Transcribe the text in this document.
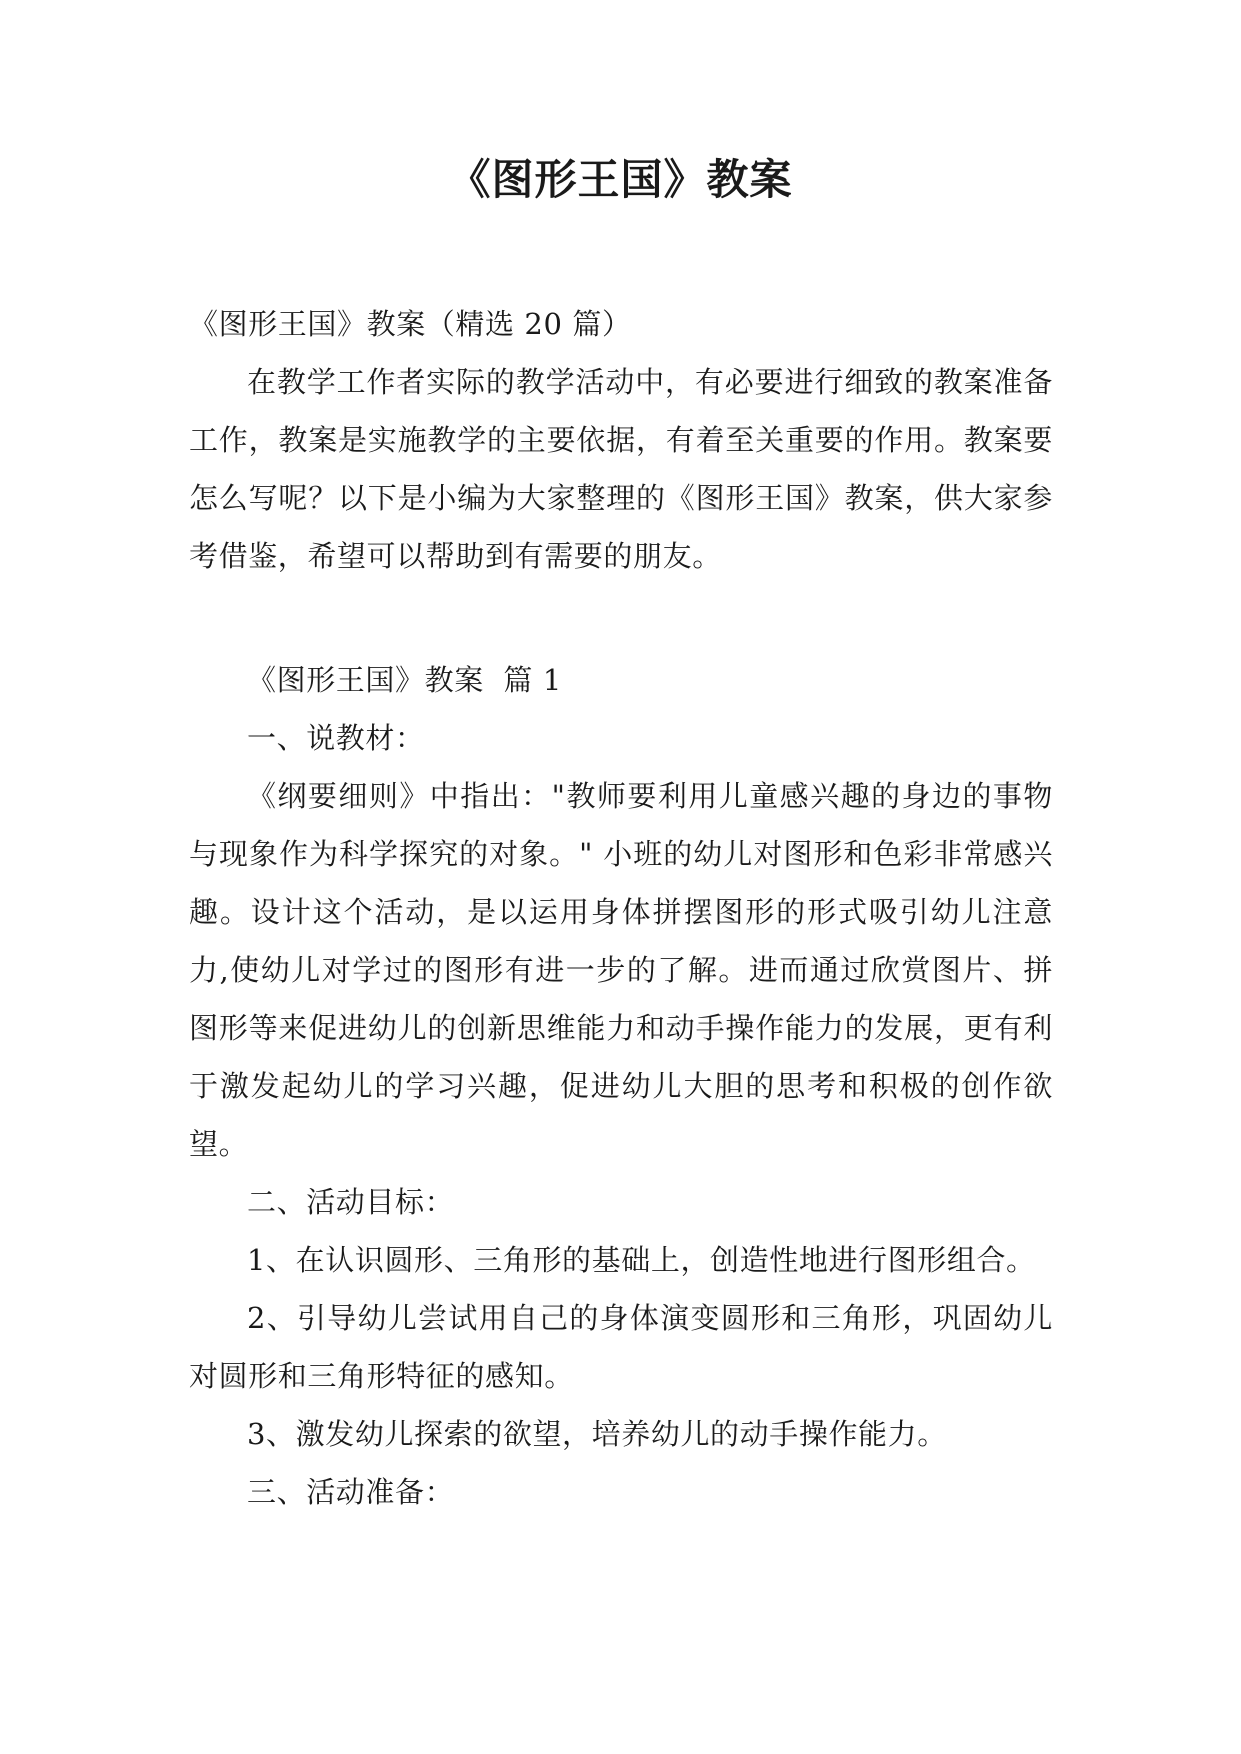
《图形王国》教案

《图形王国》教案（精选 20 篇）

在教学工作者实际的教学活动中，有必要进行细致的教案准备工作，教案是实施教学的主要依据，有着至关重要的作用。教案要怎么写呢？以下是小编为大家整理的《图形王国》教案，供大家参考借鉴，希望可以帮助到有需要的朋友。

《图形王国》教案  篇 1

一、说教材：

《纲要细则》中指出："教师要利用儿童感兴趣的身边的事物与现象作为科学探究的对象。" 小班的幼儿对图形和色彩非常感兴趣。设计这个活动，是以运用身体拼摆图形的形式吸引幼儿注意力,使幼儿对学过的图形有进一步的了解。进而通过欣赏图片、拼图形等来促进幼儿的创新思维能力和动手操作能力的发展，更有利于激发起幼儿的学习兴趣，促进幼儿大胆的思考和积极的创作欲望。

二、活动目标：

1、在认识圆形、三角形的基础上，创造性地进行图形组合。

2、引导幼儿尝试用自己的身体演变圆形和三角形，巩固幼儿对圆形和三角形特征的感知。

3、激发幼儿探索的欲望，培养幼儿的动手操作能力。

三、活动准备：
